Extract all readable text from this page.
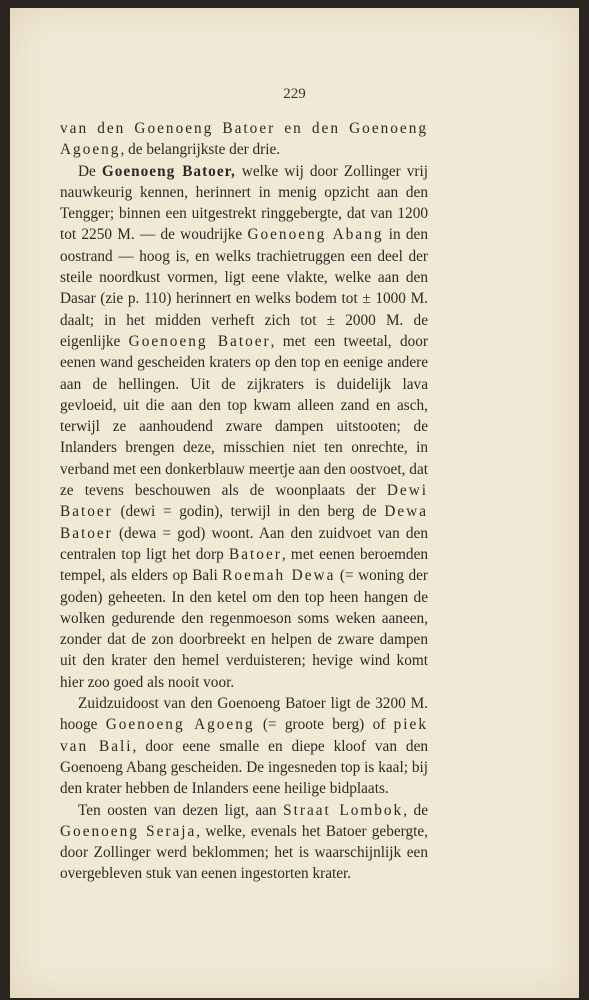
229

van den Goenoeng Batoer en den Goenoeng Agoeng, de belangrijkste der drie.

De Goenoeng Batoer, welke wij door Zollinger vrij nauwkeurig kennen, herinnert in menig opzicht aan den Tengger; binnen een uitgestrekt ringgebergte, dat van 1200 tot 2250 M. — de woudrijke Goenoeng Abang in den oostrand — hoog is, en welks trachietruggen een deel der steile noordkust vormen, ligt eene vlakte, welke aan den Dasar (zie p. 110) herinnert en welks bodem tot ± 1000 M. daalt; in het midden verheft zich tot ± 2000 M. de eigenlijke Goenoeng Batoer, met een tweetal, door eenen wand gescheiden kraters op den top en eenige andere aan de hellingen. Uit de zijkraters is duidelijk lava gevloeid, uit die aan den top kwam alleen zand en asch, terwijl ze aanhoudend zware dampen uitstooten; de Inlanders brengen deze, misschien niet ten onrechte, in verband met een donkerblauw meertje aan den oostvoet, dat ze tevens beschouwen als de woonplaats der Dewi Batoer (dewi = godin), terwijl in den berg de Dewa Batoer (dewa = god) woont. Aan den zuidvoet van den centralen top ligt het dorp Batoer, met eenen beroemden tempel, als elders op Bali Roemah Dewa (= woning der goden) geheeten. In den ketel om den top heen hangen de wolken gedurende den regenmoeson soms weken aaneen, zonder dat de zon doorbreekt en helpen de zware dampen uit den krater den hemel verduisteren; hevige wind komt hier zoo goed als nooit voor.

Zuidzuidoost van den Goenoeng Batoer ligt de 3200 M. hooge Goenoeng Agoeng (= groote berg) of piek van Bali, door eene smalle en diepe kloof van den Goenoeng Abang gescheiden. De ingesneden top is kaal; bij den krater hebben de Inlanders eene heilige bidplaats.

Ten oosten van dezen ligt, aan Straat Lombok, de Goenoeng Seraja, welke, evenals het Batoer gebergte, door Zollinger werd beklommen; het is waarschijnlijk een overgebleven stuk van eenen ingestorten krater.
